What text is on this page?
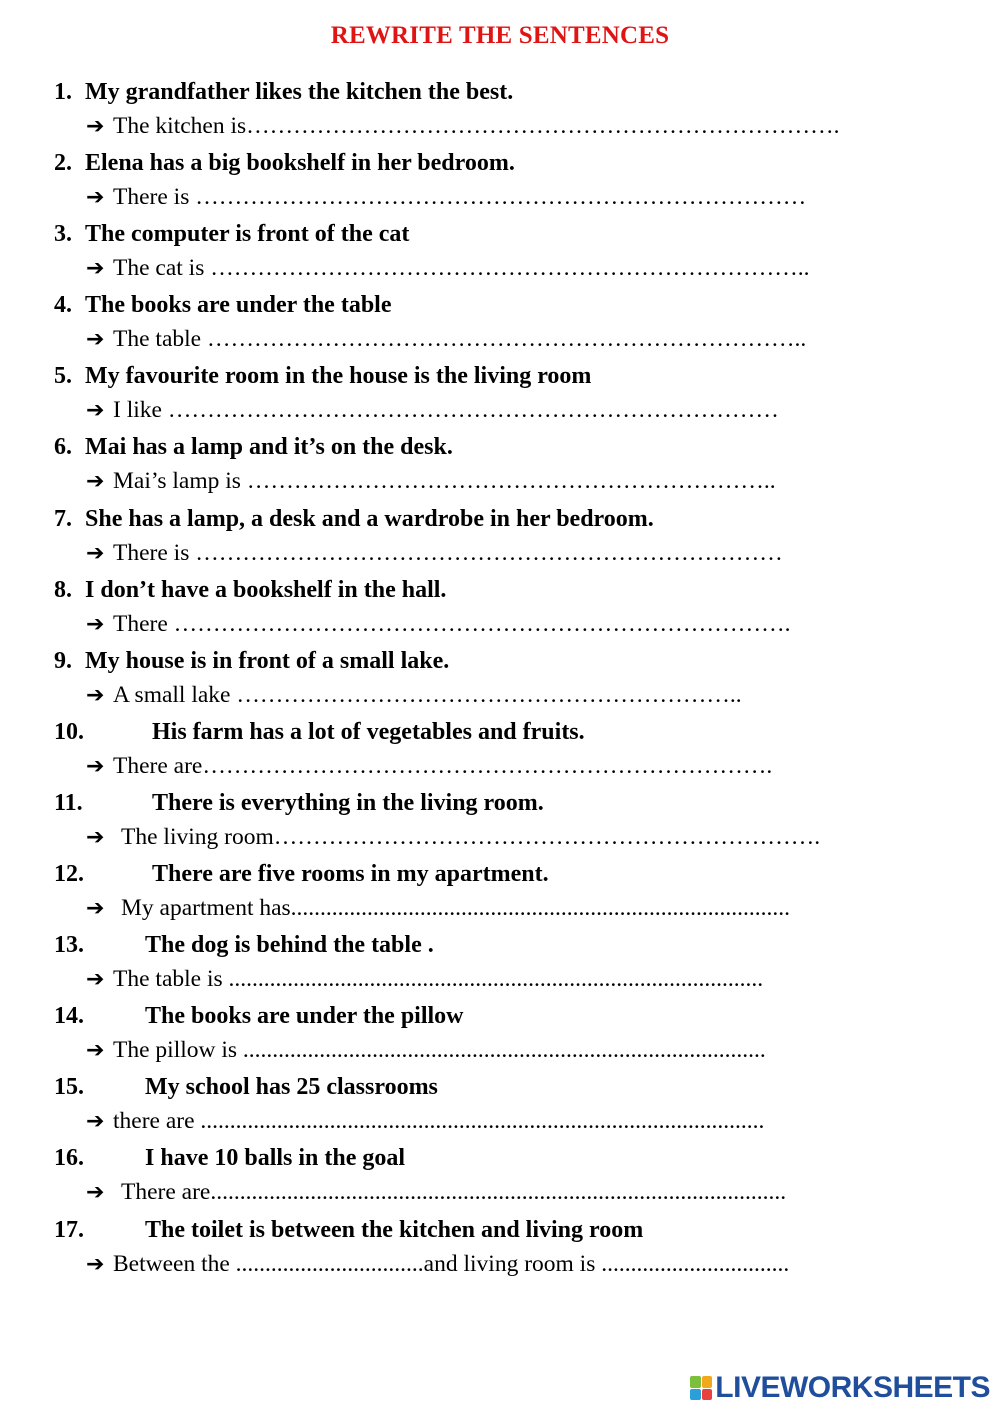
REWRITE THE SENTENCES
1. My grandfather likes the kitchen the best.
➔ The kitchen is………………………………………………………………….
2. Elena has a big bookshelf in her bedroom.
➔ There is ……………………………………………………………………
3. The computer is front of the cat
➔ The cat is …………………………………………………………………..
4. The books are under the table
➔ The table …………………………………………………………………..
5. My favourite room in the house is the living room
➔ I like ……………………………………………………………………
6. Mai has a lamp and it’s on the desk.
➔ Mai’s lamp is …………………………………………………………..
7. She has a lamp, a desk and a wardrobe in her bedroom.
➔ There is …………………………………………………………………
8. I don’t have a bookshelf in the hall.
➔ There …………………………………………………………………….
9. My house is in front of a small lake.
➔ A small lake ………………………………………………………..
10.	His farm has a lot of vegetables and fruits.
➔ There are……………………………………………………………….
11.	There is everything in the living room.
➔ The living room…………………………………………………………….
12.	There are five rooms in my apartment.
➔ My apartment has.....................................................................................
13.	The dog is behind the table .
➔ The table is ...........................................................................................
14.	The books are under the pillow
➔ The pillow is .........................................................................................
15.	My school has 25 classrooms
➔ there are ................................................................................................
16.	I have 10 balls in the goal
➔ There are..................................................................................................
17.	The toilet is between the kitchen and living room
➔ Between the ................................and living room is ................................
LIVEWORKSHEETS
